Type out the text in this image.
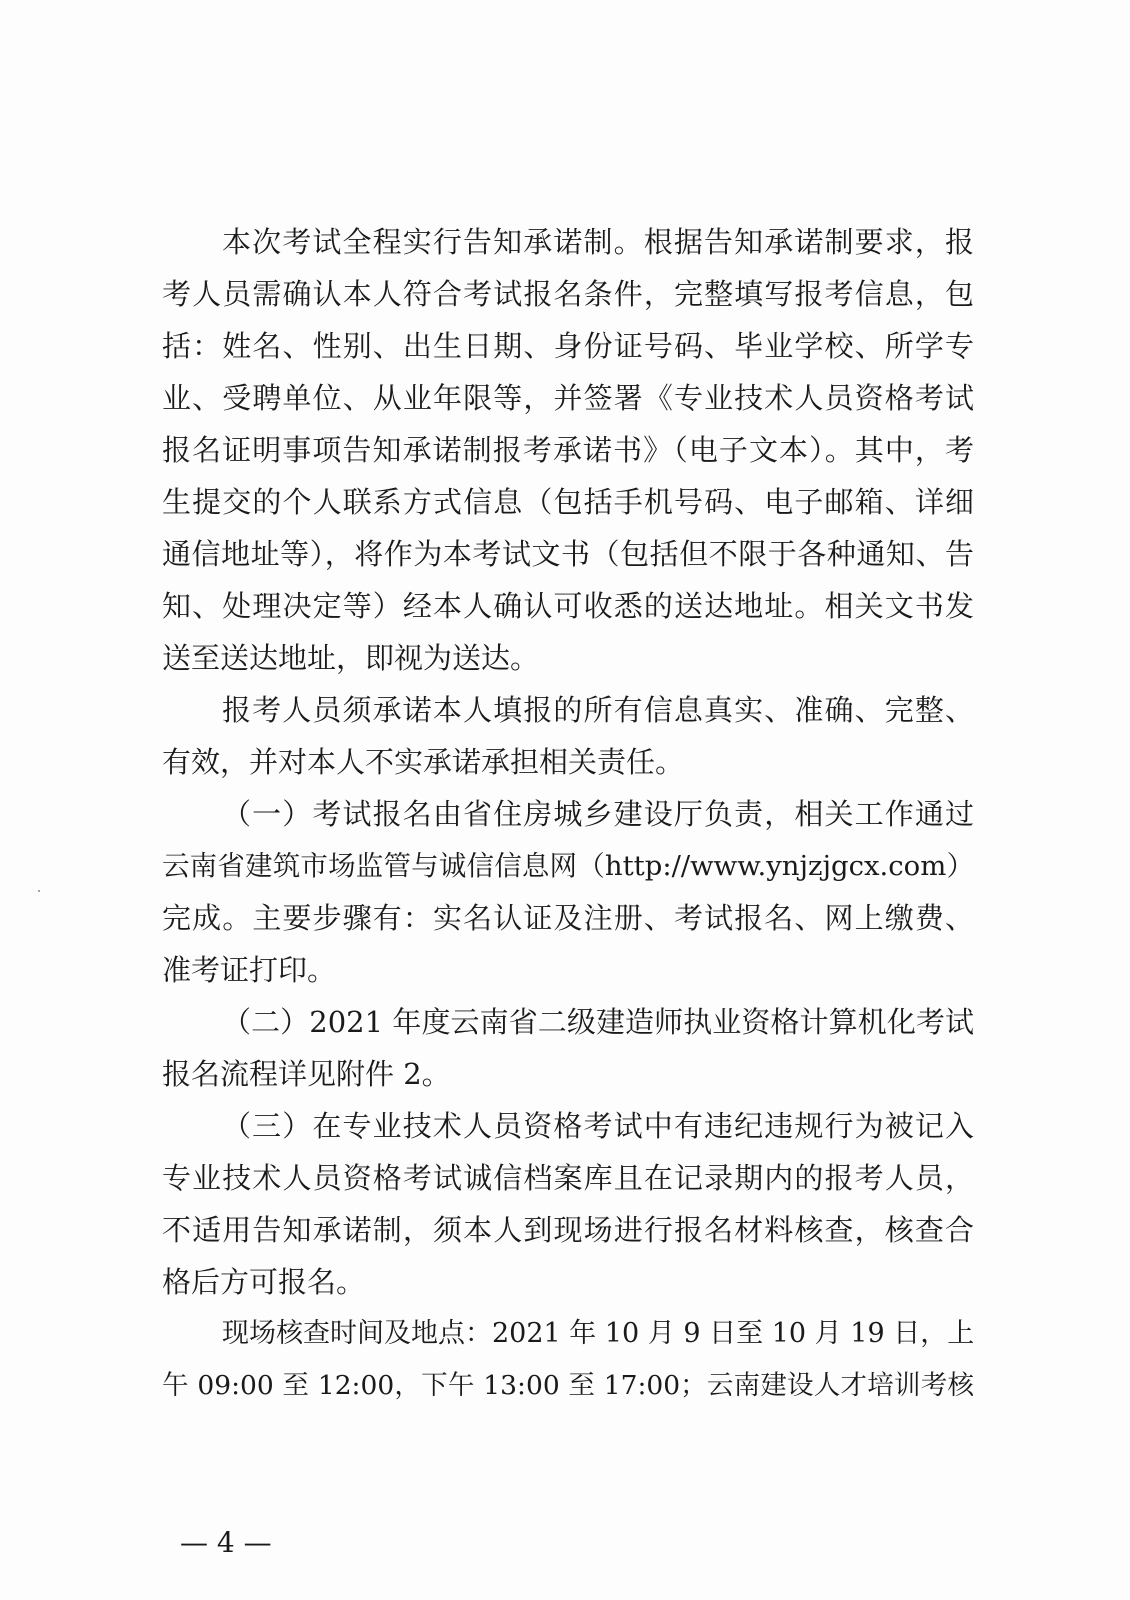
本次考试全程实行告知承诺制。根据告知承诺制要求，报
考人员需确认本人符合考试报名条件，完整填写报考信息，包
括：姓名、性别、出生日期、身份证号码、毕业学校、所学专
业、受聘单位、从业年限等，并签署《专业技术人员资格考试
报名证明事项告知承诺制报考承诺书》（电子文本）。其中，考
生提交的个人联系方式信息（包括手机号码、电子邮箱、详细
通信地址等），将作为本考试文书（包括但不限于各种通知、告
知、处理决定等）经本人确认可收悉的送达地址。相关文书发
送至送达地址，即视为送达。
报考人员须承诺本人填报的所有信息真实、准确、完整、
有效，并对本人不实承诺承担相关责任。
（一）考试报名由省住房城乡建设厅负责，相关工作通过
云南省建筑市场监管与诚信信息网（http://www.ynjzjgcx.com）
完成。主要步骤有：实名认证及注册、考试报名、网上缴费、
准考证打印。
（二）2021 年度云南省二级建造师执业资格计算机化考试
报名流程详见附件 2。
（三）在专业技术人员资格考试中有违纪违规行为被记入
专业技术人员资格考试诚信档案库且在记录期内的报考人员，
不适用告知承诺制，须本人到现场进行报名材料核查，核查合
格后方可报名。
现场核查时间及地点：2021 年 10 月 9 日至 10 月 19 日，上
午 09:00 至 12:00，下午 13:00 至 17:00；云南建设人才培训考核
— 4 —
